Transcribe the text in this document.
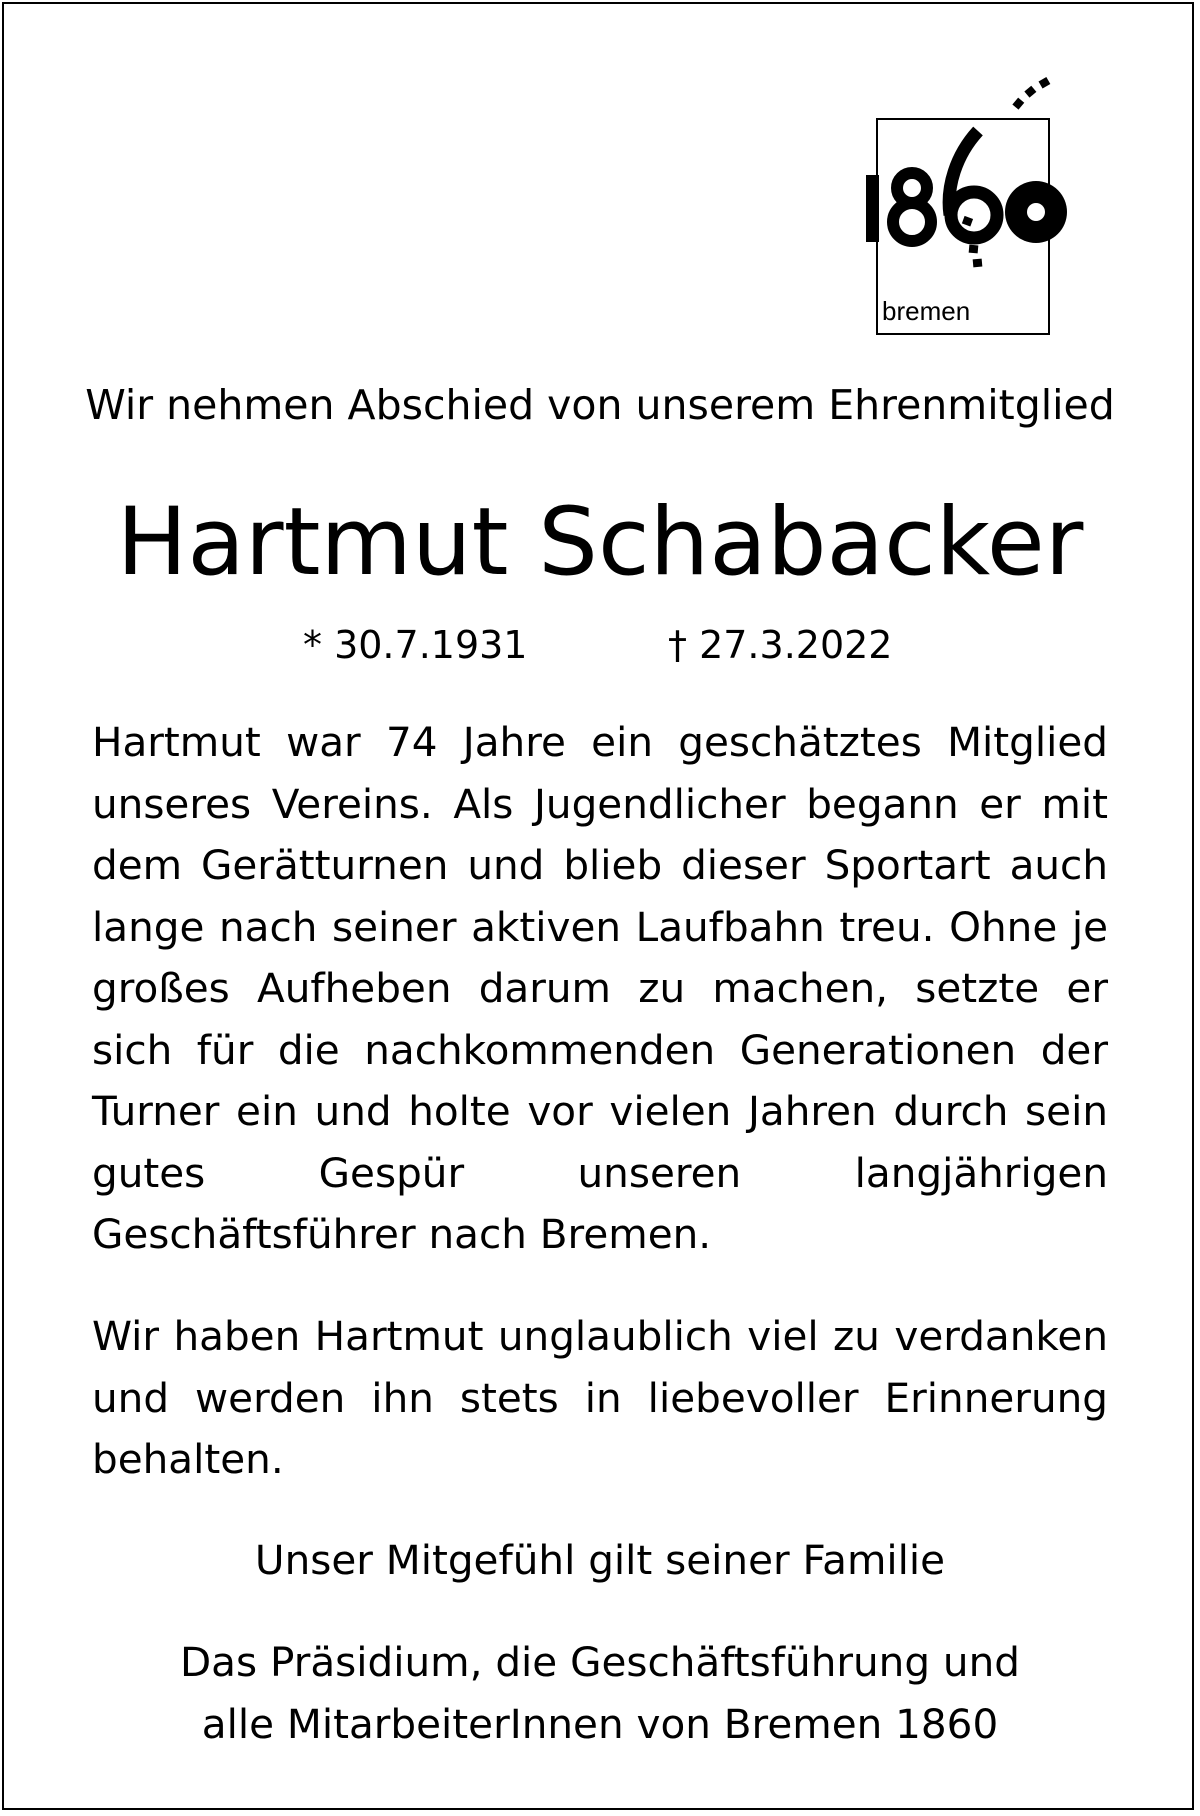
bremen
Wir nehmen Abschied von unserem Ehrenmitglied
Hartmut Schabacker
* 30.7.1931	† 27.3.2022

Hartmut war 74 Jahre ein geschätztes Mitglied unseres Vereins. Als Jugendlicher begann er mit dem Gerätturnen und blieb dieser Sportart auch lange nach seiner aktiven Laufbahn treu. Ohne je großes Aufheben darum zu machen, setzte er sich für die nachkommenden Generationen der Turner ein und holte vor vielen Jahren durch sein gutes Gespür unseren langjährigen Geschäftsführer nach Bremen.

Wir haben Hartmut unglaublich viel zu verdanken und werden ihn stets in liebevoller Erinnerung behalten.

Unser Mitgefühl gilt seiner Familie
Das Präsidium, die Geschäftsführung und
alle MitarbeiterInnen von Bremen 1860
